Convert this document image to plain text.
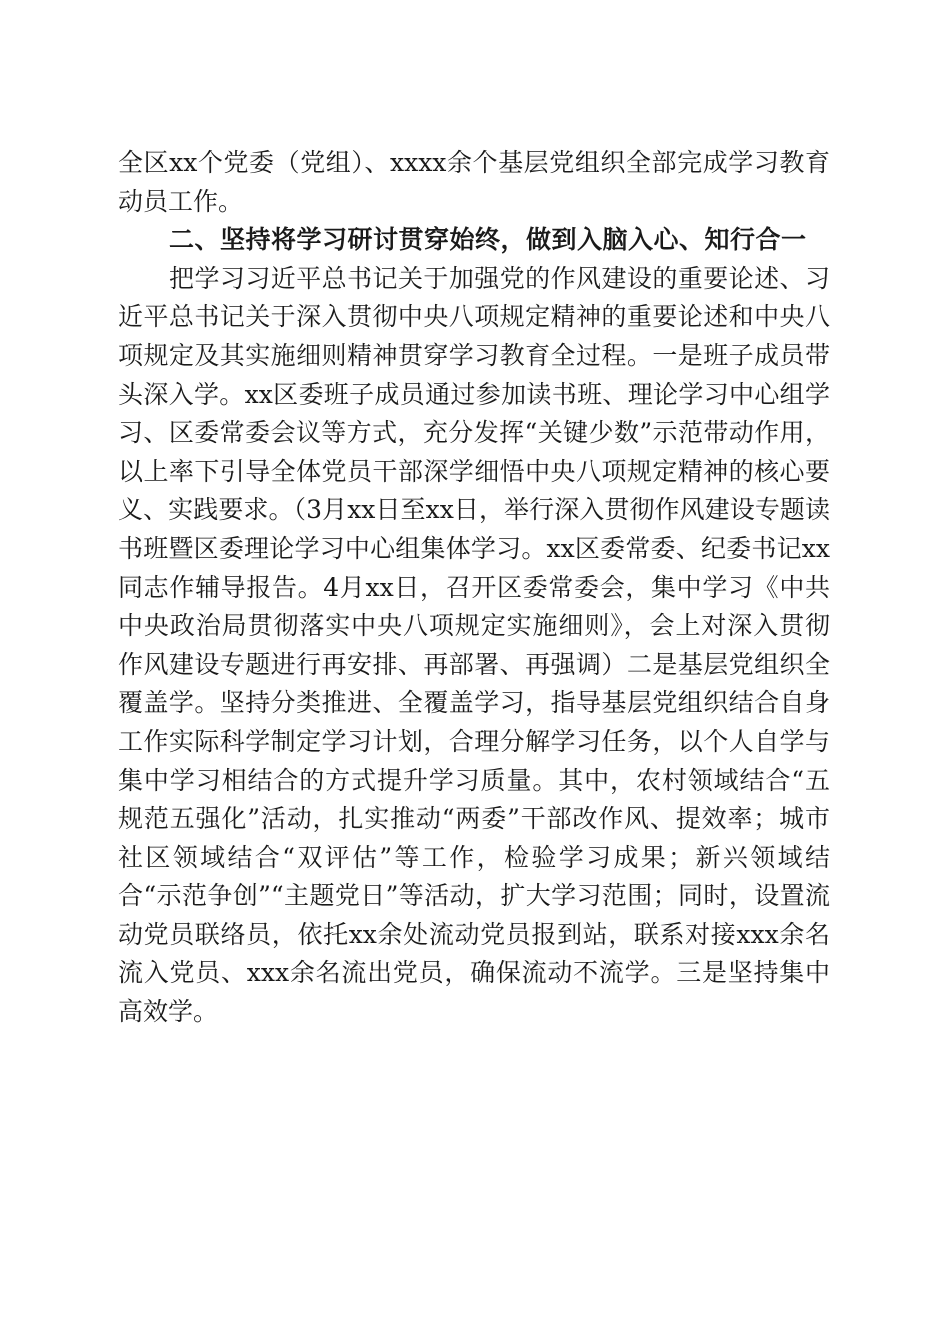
全区xx个党委（党组）、xxxx余个基层党组织全部完成学习教育动员工作。

二、坚持将学习研讨贯穿始终，做到入脑入心、知行合一

把学习习近平总书记关于加强党的作风建设的重要论述、习近平总书记关于深入贯彻中央八项规定精神的重要论述和中央八项规定及其实施细则精神贯穿学习教育全过程。一是班子成员带头深入学。xx区委班子成员通过参加读书班、理论学习中心组学习、区委常委会议等方式，充分发挥“关键少数”示范带动作用，以上率下引导全体党员干部深学细悟中央八项规定精神的核心要义、实践要求。（3月xx日至xx日，举行深入贯彻作风建设专题读书班暨区委理论学习中心组集体学习。xx区委常委、纪委书记xx同志作辅导报告。4月xx日，召开区委常委会，集中学习《中共中央政治局贯彻落实中央八项规定实施细则》，会上对深入贯彻作风建设专题进行再安排、再部署、再强调）二是基层党组织全覆盖学。坚持分类推进、全覆盖学习，指导基层党组织结合自身工作实际科学制定学习计划，合理分解学习任务，以个人自学与集中学习相结合的方式提升学习质量。其中，农村领域结合“五规范五强化”活动，扎实推动“两委”干部改作风、提效率；城市社区领域结合“双评估”等工作，检验学习成果；新兴领域结合“示范争创”“主题党日”等活动，扩大学习范围；同时，设置流动党员联络员，依托xx余处流动党员报到站，联系对接xxx余名流入党员、xxx余名流出党员，确保流动不流学。三是坚持集中高效学。
